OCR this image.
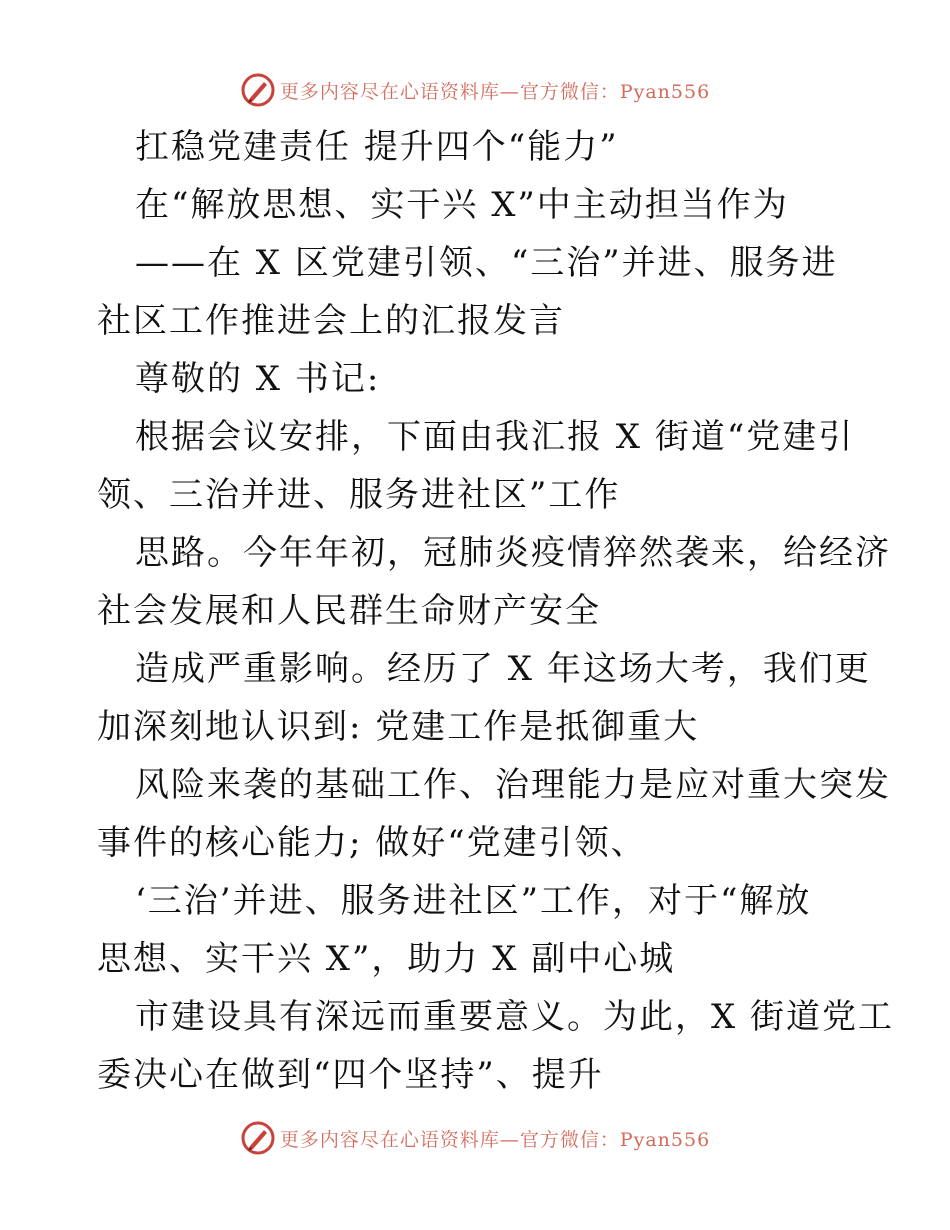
更多内容尽在心语资料库—官方微信：Pyan556
扛稳党建责任 提升四个“能力”
在“解放思想、实干兴 X”中主动担当作为
——在 X 区党建引领、“三治”并进、服务进
社区工作推进会上的汇报发言
尊敬的 X 书记:
根据会议安排，下面由我汇报 X 街道“党建引
领、三治并进、服务进社区”工作
思路。今年年初，冠肺炎疫情猝然袭来，给经济
社会发展和人民群生命财产安全
造成严重影响。经历了 X 年这场大考，我们更
加深刻地认识到: 党建工作是抵御重大
风险来袭的基础工作、治理能力是应对重大突发
事件的核心能力; 做好“党建引领、
‘三治’并进、服务进社区”工作，对于“解放
思想、实干兴 X”，助力 X 副中心城
市建设具有深远而重要意义。为此，X 街道党工
委决心在做到“四个坚持”、提升
更多内容尽在心语资料库—官方微信：Pyan556
